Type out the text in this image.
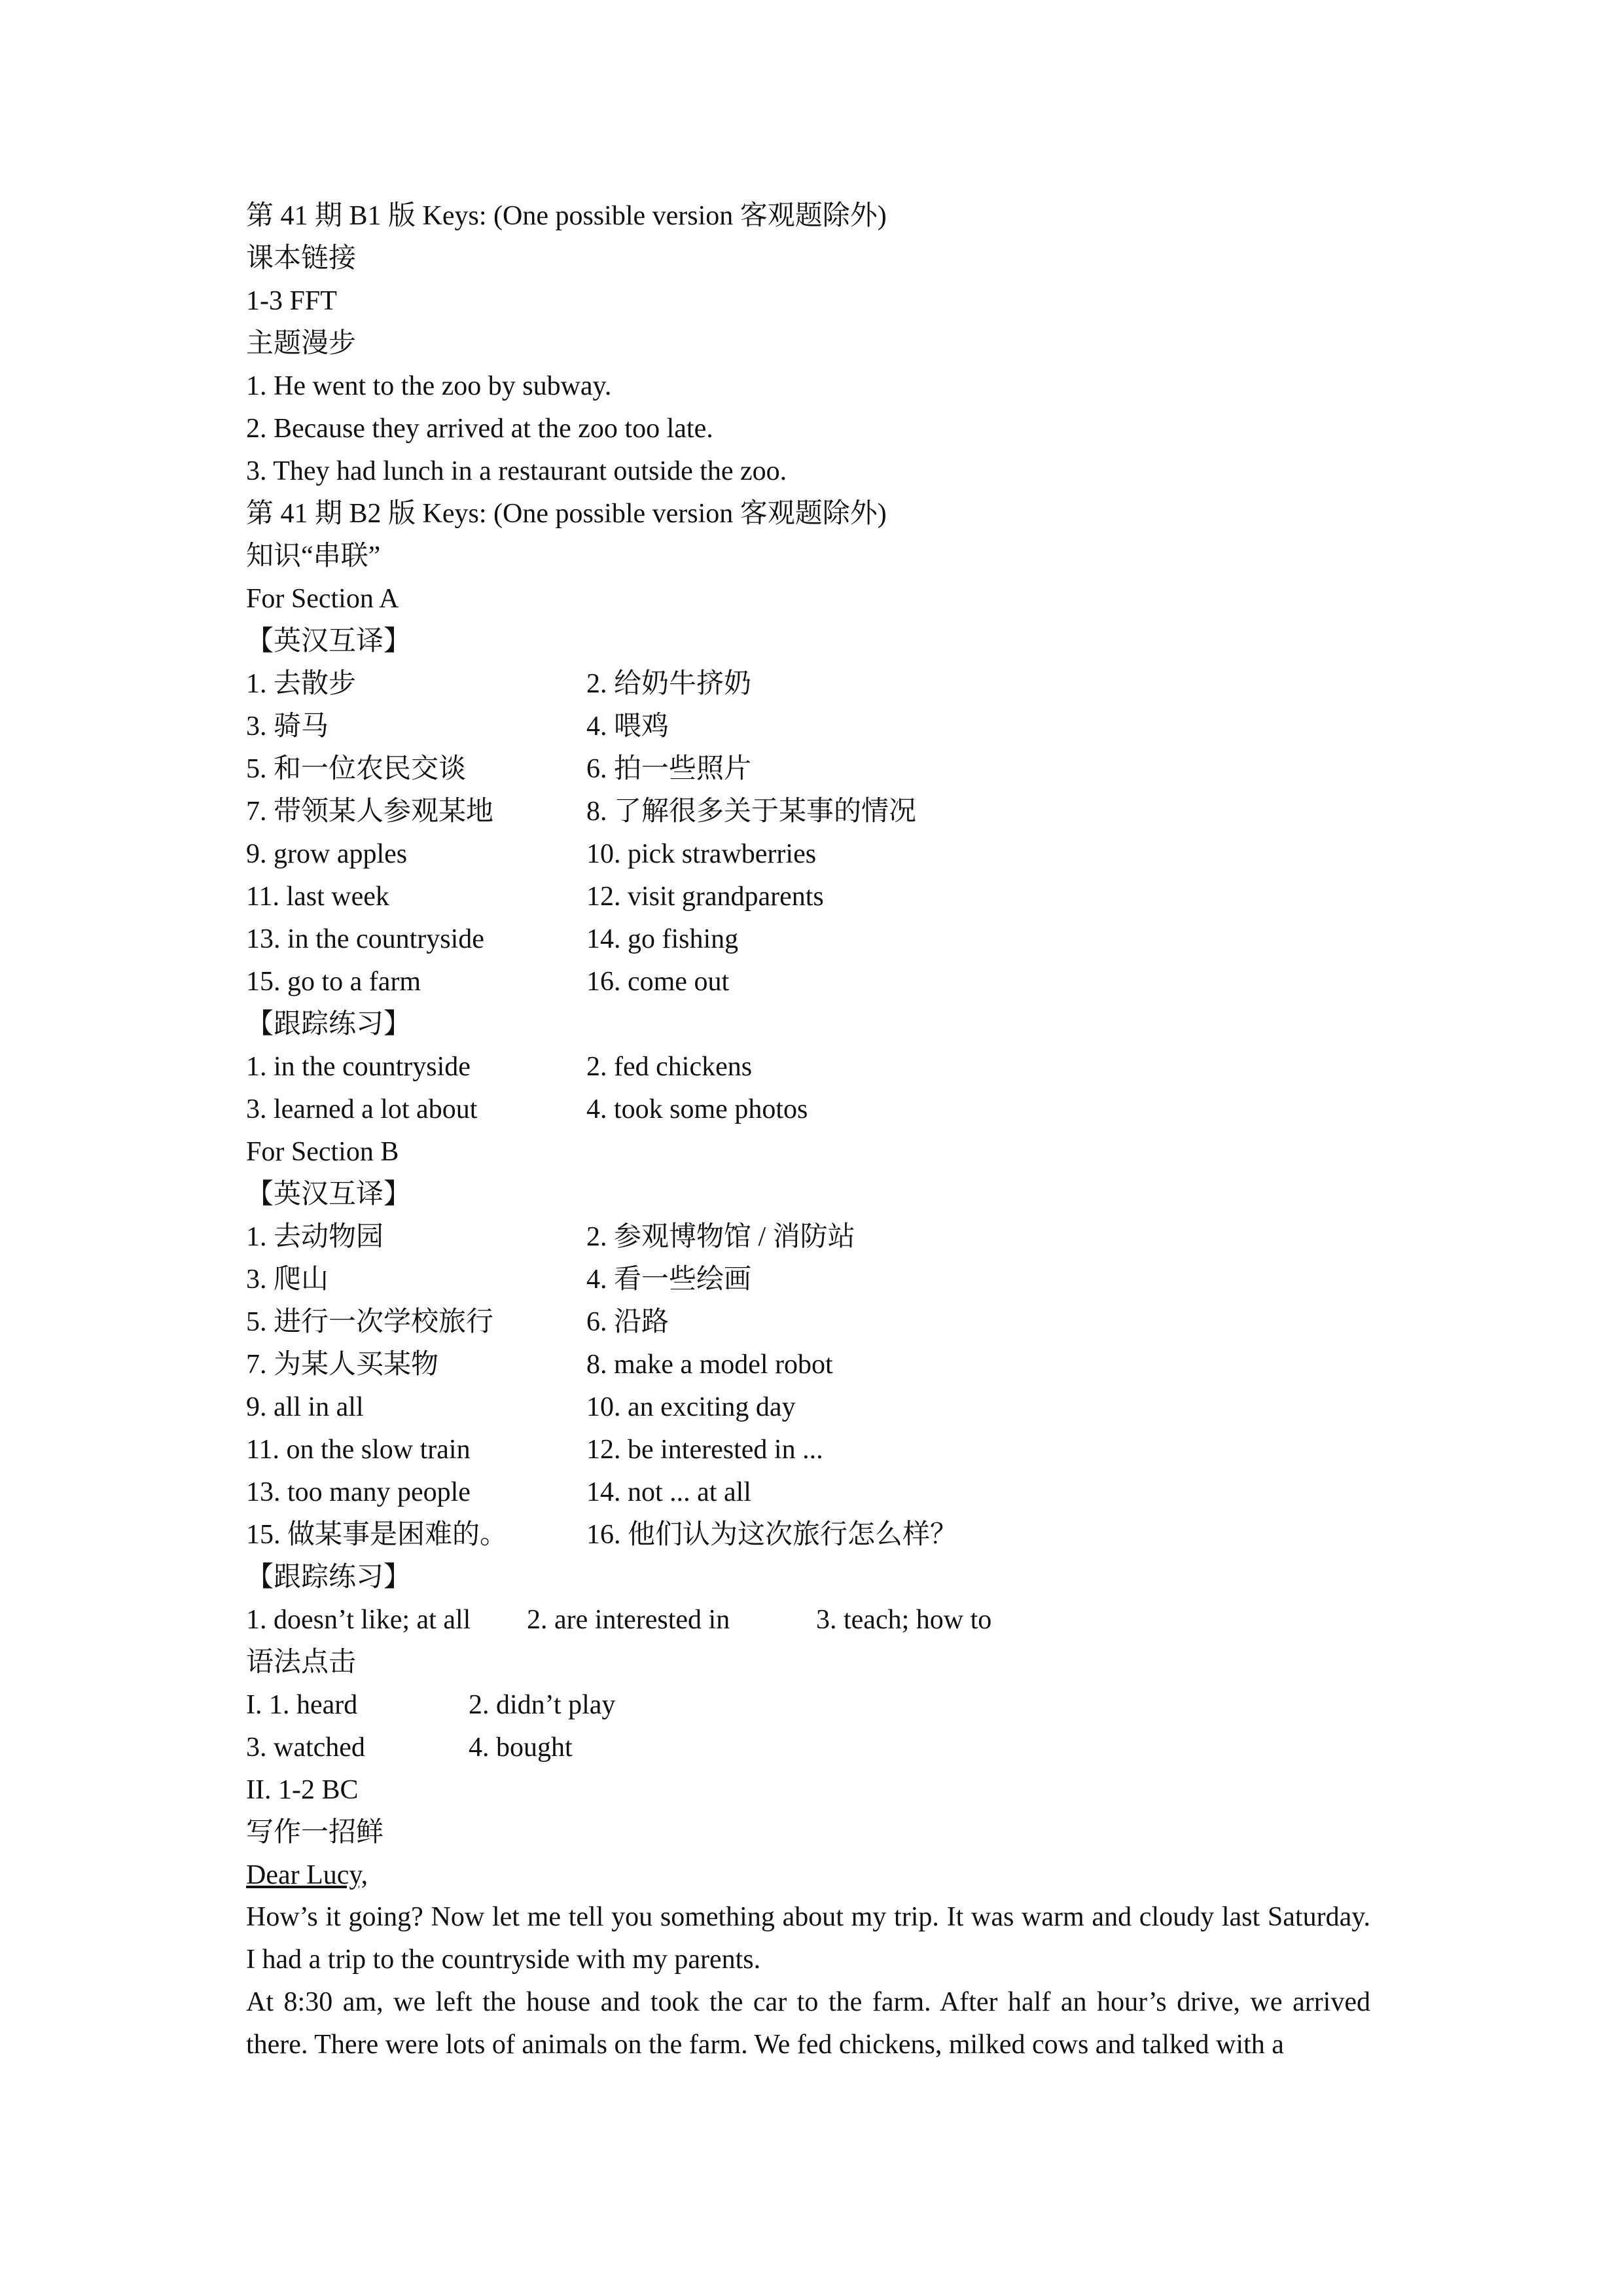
第 41 期 B1 版 Keys: (One possible version 客观题除外)
课本链接
1-3 FFT
主题漫步
1. He went to the zoo by subway.
2. Because they arrived at the zoo too late.
3. They had lunch in a restaurant outside the zoo.
第 41 期 B2 版 Keys: (One possible version 客观题除外)
知识“串联”
For Section A
【英汉互译】
1. 去散步	2. 给奶牛挤奶
3. 骑马	4. 喂鸡
5. 和一位农民交谈	6. 拍一些照片
7. 带领某人参观某地	8. 了解很多关于某事的情况
9. grow apples	10. pick strawberries
11. last week	12. visit grandparents
13. in the countryside	14. go fishing
15. go to a farm	16. come out
【跟踪练习】
1. in the countryside	2. fed chickens
3. learned a lot about	4. took some photos
For Section B
【英汉互译】
1. 去动物园	2. 参观博物馆 / 消防站
3. 爬山	4. 看一些绘画
5. 进行一次学校旅行	6. 沿路
7. 为某人买某物	8. make a model robot
9. all in all	10. an exciting day
11. on the slow train	12. be interested in ...
13. too many people	14. not ... at all
15. 做某事是困难的。	16. 他们认为这次旅行怎么样？
【跟踪练习】
1. doesn’t like; at all 2. are interested in	3. teach; how to
语法点击
I. 1. heard	2. didn’t play
3. watched	4. bought
II. 1-2 BC
写作一招鲜
Dear Lucy,
How’s it going? Now let me tell you something about my trip. It was warm and cloudy last Saturday. I had a trip to the countryside with my parents.
At 8:30 am, we left the house and took the car to the farm. After half an hour’s drive, we arrived there. There were lots of animals on the farm. We fed chickens, milked cows and talked with a
